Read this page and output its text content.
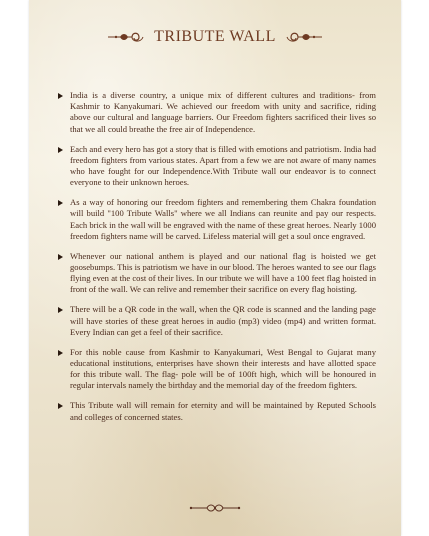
TRIBUTE WALL
India is a diverse country, a unique mix of different cultures and traditions- from Kashmir to Kanyakumari. We achieved our freedom with unity and sacrifice, riding above our cultural and language barriers. Our Freedom fighters sacrificed their lives so that we all could breathe the free air of Independence.
Each and every hero has got a story that is filled with emotions and patriotism. India had freedom fighters from various states. Apart from a few we are not aware of many names who have fought for our Independence.With Tribute wall our endeavor is to connect everyone to their unknown heroes.
As a way of honoring our freedom fighters and remembering them Chakra foundation will build "100 Tribute Walls" where we all Indians can reunite and pay our respects. Each brick in the wall will be engraved with the name of these great heroes. Nearly 1000 freedom fighters name will be carved. Lifeless material will get a soul once engraved.
Whenever our national anthem is played and our national flag is hoisted we get goosebumps. This is patriotism we have in our blood. The heroes wanted to see our flags flying even at the cost of their lives. In our tribute we will have a 100 feet flag hoisted in front of the wall. We can relive and remember their sacrifice on every flag hoisting.
There will be a QR code in the wall, when the QR code is scanned and the landing page will have stories of these great heroes in audio (mp3) video (mp4) and written format. Every Indian can get a feel of their sacrifice.
For this noble cause from Kashmir to Kanyakumari, West Bengal to Gujarat many educational institutions, enterprises have shown their interests and have allotted space for this tribute wall. The flag- pole will be of 100ft high, which will be honoured in regular intervals namely the birthday and the memorial day of the freedom fighters.
This Tribute wall will remain for eternity and will be maintained by Reputed Schools and colleges of concerned states.
